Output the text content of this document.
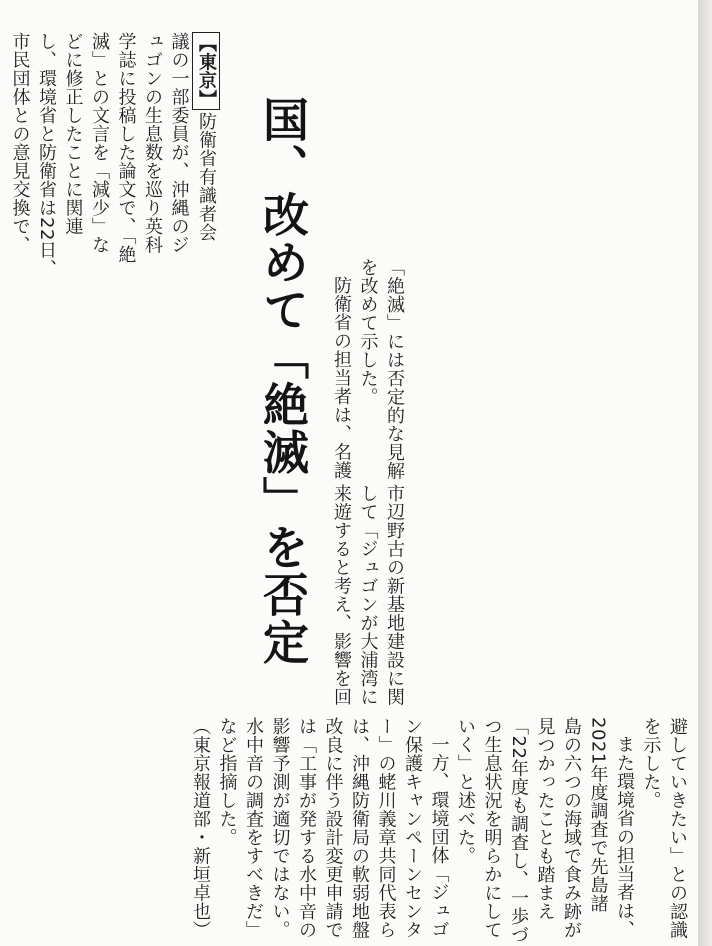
国、改めて「絶滅」を否定
【東京】防衛省有識者会
議の一部委員が、沖縄のジ
ュゴンの生息数を巡り英科
学誌に投稿した論文で、「絶
滅」との文言を「減少」な
どに修正したことに関連
し、環境省と防衛省は22日、
市民団体との意見交換で、
「絶滅」には否定的な見解
を改めて示した。
防衛省の担当者は、名護
市辺野古の新基地建設に関
して「ジュゴンが大浦湾に
来遊すると考え、影響を回
避していきたい」との認識
を示した。
また環境省の担当者は、
2021年度調査で先島諸
島の六つの海域で食み跡が
見つかったことも踏まえ
「22年度も調査し、一歩づ
つ生息状況を明らかにして
いく」と述べた。
一方、環境団体「ジュゴ
ン保護キャンペーンセンタ
ー」の蛯川義章共同代表ら
は、沖縄防衛局の軟弱地盤
改良に伴う設計変更申請で
は「工事が発する水中音の
影響予測が適切ではない。
水中音の調査をすべきだ」
など指摘した。
（東京報道部・新垣卓也）
